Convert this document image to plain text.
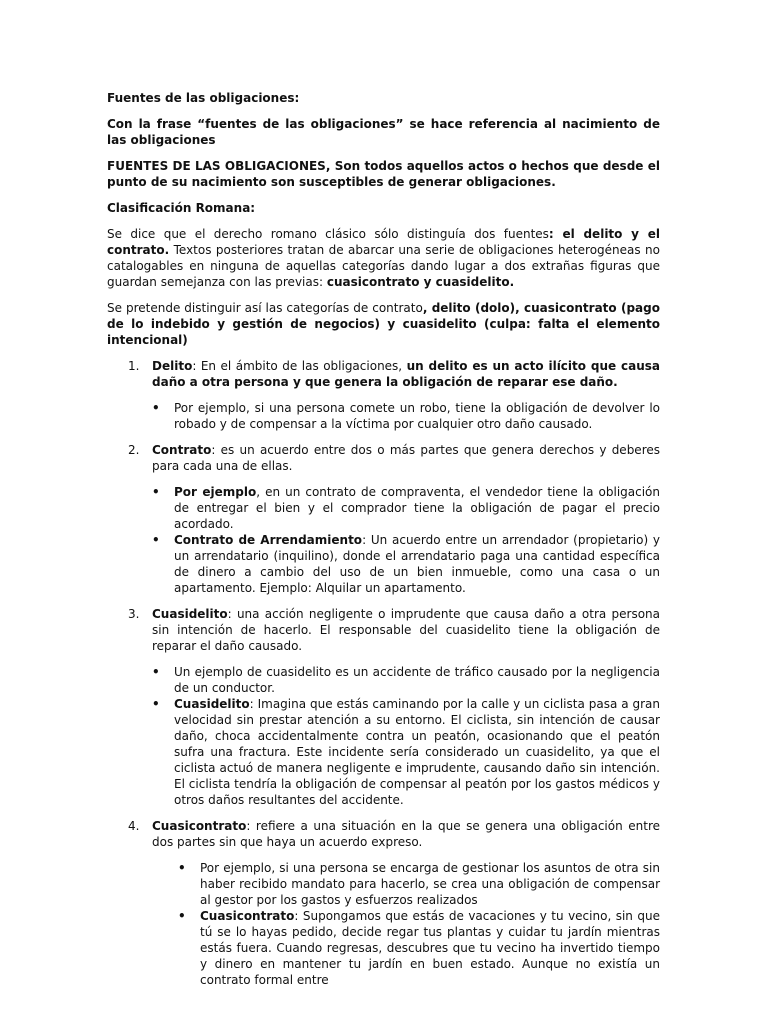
Fuentes de las obligaciones:

Con la frase “fuentes de las obligaciones” se hace referencia al nacimiento de las obligaciones

FUENTES DE LAS OBLIGACIONES, Son todos aquellos actos o hechos que desde el punto de su nacimiento son susceptibles de generar obligaciones.

Clasificación Romana:

Se dice que el derecho romano clásico sólo distinguía dos fuentes: el delito y el contrato. Textos posteriores tratan de abarcar una serie de obligaciones heterogéneas no catalogables en ninguna de aquellas categorías dando lugar a dos extrañas figuras que guardan semejanza con las previas: cuasicontrato y cuasidelito.

Se pretende distinguir así las categorías de contrato, delito (dolo), cuasicontrato (pago de lo indebido y gestión de negocios) y cuasidelito (culpa: falta el elemento intencional)

1. Delito: En el ámbito de las obligaciones, un delito es un acto ilícito que causa daño a otra persona y que genera la obligación de reparar ese daño.
• Por ejemplo, si una persona comete un robo, tiene la obligación de devolver lo robado y de compensar a la víctima por cualquier otro daño causado.
2. Contrato: es un acuerdo entre dos o más partes que genera derechos y deberes para cada una de ellas.
• Por ejemplo, en un contrato de compraventa, el vendedor tiene la obligación de entregar el bien y el comprador tiene la obligación de pagar el precio acordado.
• Contrato de Arrendamiento: Un acuerdo entre un arrendador (propietario) y un arrendatario (inquilino), donde el arrendatario paga una cantidad específica de dinero a cambio del uso de un bien inmueble, como una casa o un apartamento. Ejemplo: Alquilar un apartamento.
3. Cuasidelito: una acción negligente o imprudente que causa daño a otra persona sin intención de hacerlo. El responsable del cuasidelito tiene la obligación de reparar el daño causado.
• Un ejemplo de cuasidelito es un accidente de tráfico causado por la negligencia de un conductor.
• Cuasidelito: Imagina que estás caminando por la calle y un ciclista pasa a gran velocidad sin prestar atención a su entorno. El ciclista, sin intención de causar daño, choca accidentalmente contra un peatón, ocasionando que el peatón sufra una fractura. Este incidente sería considerado un cuasidelito, ya que el ciclista actuó de manera negligente e imprudente, causando daño sin intención. El ciclista tendría la obligación de compensar al peatón por los gastos médicos y otros daños resultantes del accidente.
4. Cuasicontrato: refiere a una situación en la que se genera una obligación entre dos partes sin que haya un acuerdo expreso.
• Por ejemplo, si una persona se encarga de gestionar los asuntos de otra sin haber recibido mandato para hacerlo, se crea una obligación de compensar al gestor por los gastos y esfuerzos realizados
• Cuasicontrato: Supongamos que estás de vacaciones y tu vecino, sin que tú se lo hayas pedido, decide regar tus plantas y cuidar tu jardín mientras estás fuera. Cuando regresas, descubres que tu vecino ha invertido tiempo y dinero en mantener tu jardín en buen estado. Aunque no existía un contrato formal entre
